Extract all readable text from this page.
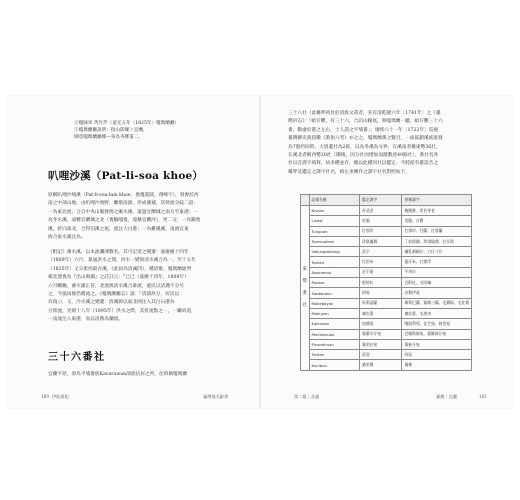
①嘎咪米 芮竹芹（道光五年〈1825年〉嘎瑪蘭廳）
②嘎瑪蘭廳說明：指山防嘍＞宜蘭，
瑚亞嘎瑪蘭廳哪—身為夾鄉道二。
叭哩沙溪（Pat-li-soa khoe）
原稱叭哩沙喃溪（Pat-li-soa-lam khoe，喪嘎墓陝，削峰字），發源於西
南之中部山地，由叭哩沙喪野，蘭堪南源，形成溪補，其幹流分歧二道：
一為東北流，合自中央山脈發源之濁水溪，遠過宜蘭城之南方至東港；一
為冬水溪，遠轉宜蘭城之北（喪驗嘎喪，漫稱宜蘭河），更二分，一為關喪
溪，折向東北，合得沼溪之尾，流注大白港；一為雞溪溪，南流宜東
海合東水溪注為。
《附記》蕃水溪，以本流瀾溥數名。其可記述之變遷：嘉慶慶十四年
（1809年）六月，暴風洪水之間，河水一變與清水溪合為一，至十五年
（1825年）又分派西最吾溪，《此叙為清溪四），種清惟，嘎瑪蘭通判
楊廷理喪為『出山飛爾』之詩註云：『己已（嘉慶十四年，1809年）
六月颶颱，蕃水漲正冒，北流與清水溪合暴流，旋民以清邁不分另
之，今風雨後仍舊流之。《嘎瑪蘭廳志》說：『清濤故分，居民以
為瑞』），又，冷水溪之變遷：清溪源以東北則注入其白石港為
分派流，光緒十八年（1895年）洪水之際，其折流點之一，一繼故道，
一南流注入東港，而以清舊為瀾流。
三十六番社
宜蘭平原，原為平埔番族Kavarawan部族佔居之所，往時稱嘎瑪蘭
160 伊能嘉矩	臺灣地名辭書
三十六社（此稱呼初見於清族文書者，先有清乾隆六年〔1741年〕之《臺
灣府志》：「蛤仔難，有三十六，合訪山賴底，與嘎瑪蘭一聽，蛤仔難三十六
番，數處於港之左右，土人謂之平埔番」；康熙六十一年〔1722年〕巡視
臺灣御史黃叔璥《番俗六考》亦之之，嘎瑪蘭番之數目，一面區劃溪族既發
為7億約同時，大別蓋社為2區，以為冬溪為分界，在溪南者稱東勢36社，
在溪北者稱西勢20社（闌後，因分社而增加而激數達40餘社），番社名各
社以音譯字填寫，故多種並存，總以此種同社以鑑定，今將從有臺語音之
稱呼及鑑定之譯字社名，相左來傳作之譯字社名對照如下，
	語彙名稱	鑑定譯字	異稱譯字

東
勢
番
社	Kivanu	奇武老	幾搬勝、希伯芽老
	Linaw	里腦	里腦、吉寶
	Tunguan	打那岸	打那岸、打蘭、打那蘭
	Tomonoikan	珍琪珊瑯	丁宿琪珊、珍琪瑜禮、打仔琪
	Vakungtoikang	武罕	彌乳刺網仔、刀仔刁仔
	Tamari	打釣米	蓮仔米、打那岸
	Awanamui	走罕菱	午列巾
	Pavaar	吧哈叭	巴附吐、毛哈嘛
	Saoboralin	掃笏	沙教伊遠
	Maliebayan	馬麥瑟蘭	瑪利巴蘭、猫刺刁蘭、毛鑄耶、毛佐貨
	Makuyan	廣佐葉	廣佐葉、毛唐冉
	Kalimoan	加禮遠	嘎如利苑、佳笠宛、阿里宛
	Penlenisuan	婆羅辛仔宛	巴哪斯新宛、婆羅新仔宛
	Pinanohuan	婆里拉宛	婆新分宛
	Tardan	留留	四留
	Kunibuu	貓里霧	猫霧
第二篇｜各論	臺灣｜宜蘭	161
